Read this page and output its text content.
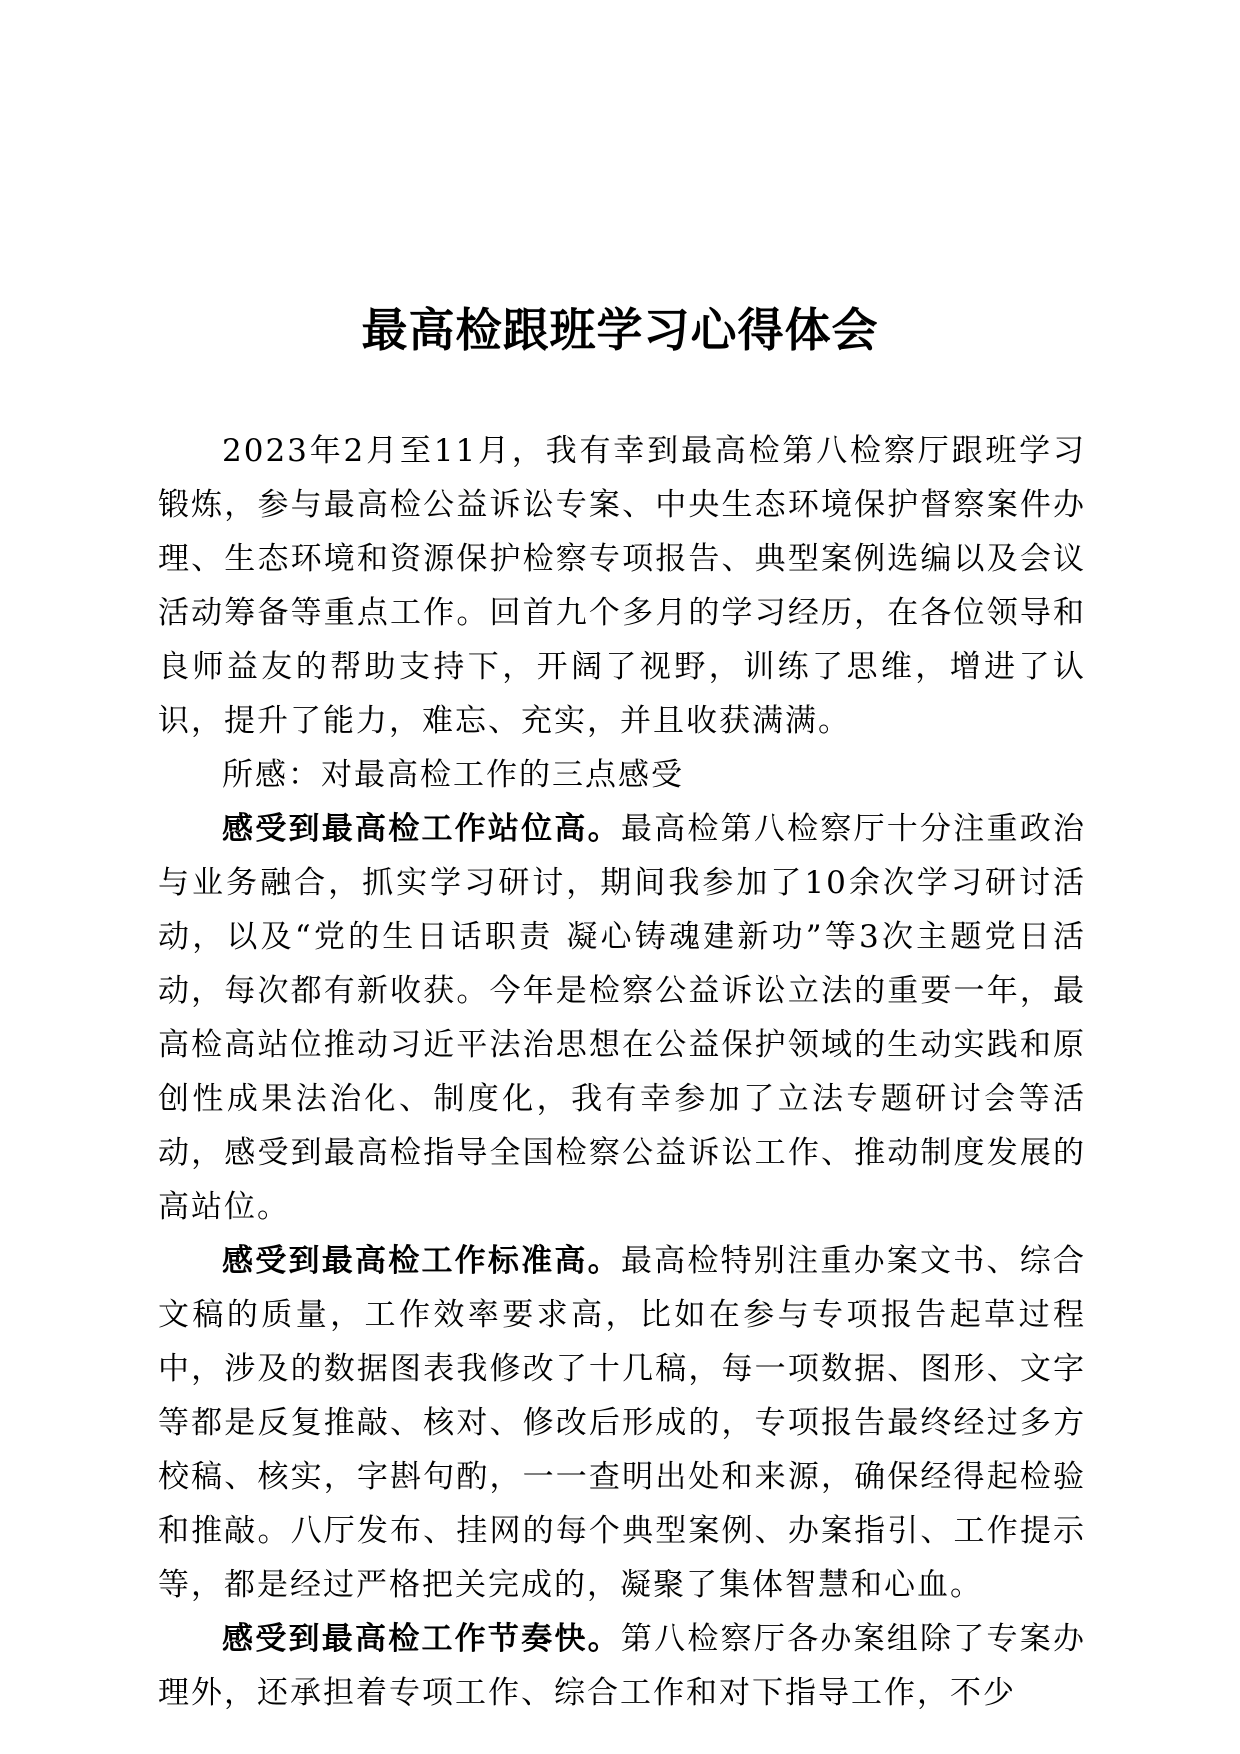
最高检跟班学习心得体会

2023年2月至11月，我有幸到最高检第八检察厅跟班学习锻炼，参与最高检公益诉讼专案、中央生态环境保护督察案件办理、生态环境和资源保护检察专项报告、典型案例选编以及会议活动筹备等重点工作。回首九个多月的学习经历，在各位领导和良师益友的帮助支持下，开阔了视野，训练了思维，增进了认识，提升了能力，难忘、充实，并且收获满满。

所感：对最高检工作的三点感受

感受到最高检工作站位高。最高检第八检察厅十分注重政治与业务融合，抓实学习研讨，期间我参加了10余次学习研讨活动，以及“党的生日话职责 凝心铸魂建新功”等3次主题党日活动，每次都有新收获。今年是检察公益诉讼立法的重要一年，最高检高站位推动习近平法治思想在公益保护领域的生动实践和原创性成果法治化、制度化，我有幸参加了立法专题研讨会等活动，感受到最高检指导全国检察公益诉讼工作、推动制度发展的高站位。

感受到最高检工作标准高。最高检特别注重办案文书、综合文稿的质量，工作效率要求高，比如在参与专项报告起草过程中，涉及的数据图表我修改了十几稿，每一项数据、图形、文字等都是反复推敲、核对、修改后形成的，专项报告最终经过多方校稿、核实，字斟句酌，一一查明出处和来源，确保经得起检验和推敲。八厅发布、挂网的每个典型案例、办案指引、工作提示等，都是经过严格把关完成的，凝聚了集体智慧和心血。

感受到最高检工作节奏快。第八检察厅各办案组除了专案办理外，还承担着专项工作、综合工作和对下指导工作，不少
